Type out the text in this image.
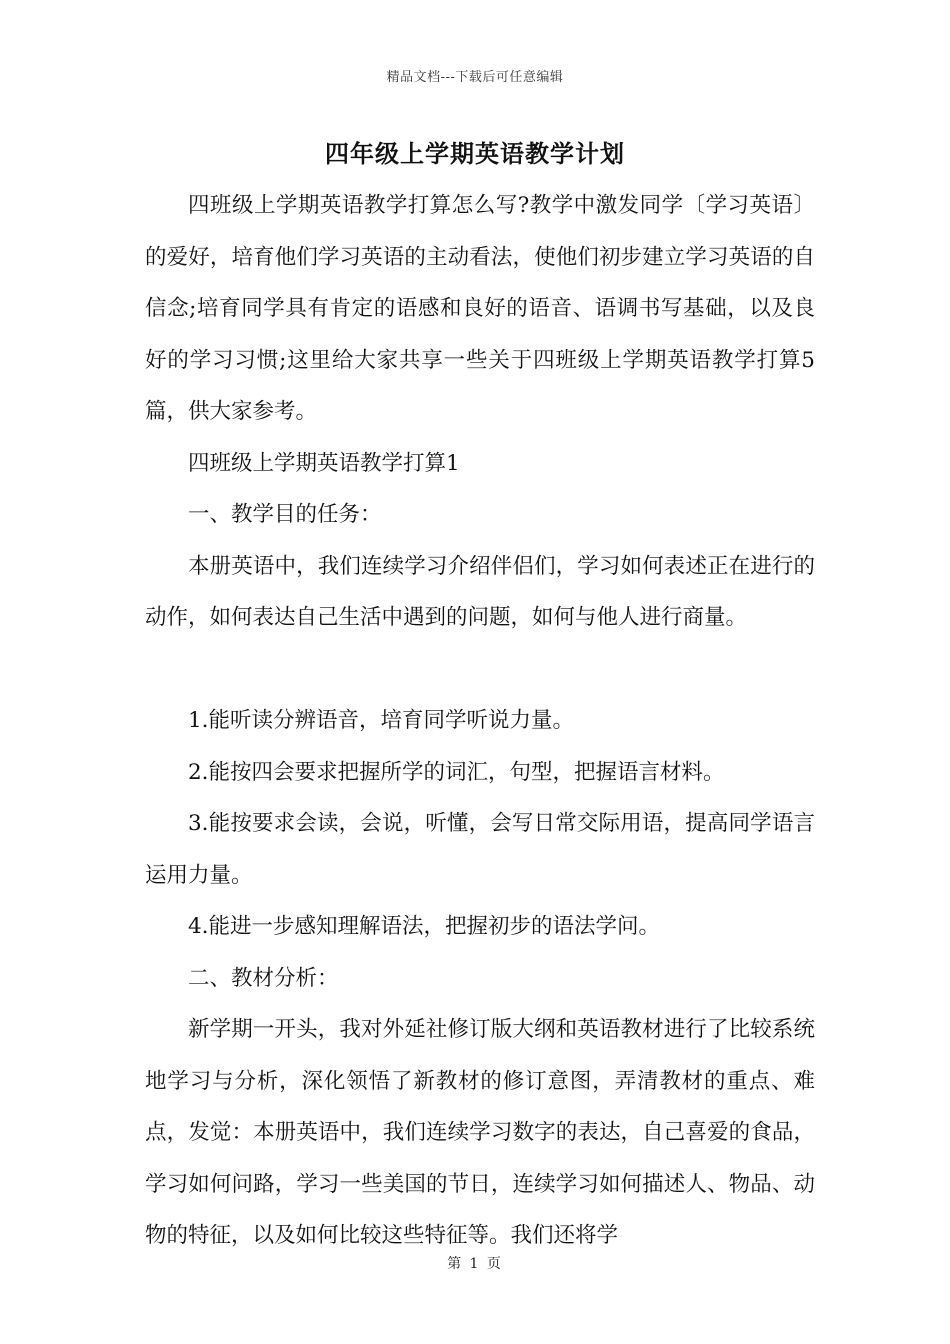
精品文档---下载后可任意编辑
四年级上学期英语教学计划

四班级上学期英语教学打算怎么写?教学中激发同学〔学习英语〕的爱好，培育他们学习英语的主动看法，使他们初步建立学习英语的自信念;培育同学具有肯定的语感和良好的语音、语调书写基础，以及良好的学习习惯;这里给大家共享一些关于四班级上学期英语教学打算5篇，供大家参考。

四班级上学期英语教学打算1

一、教学目的任务：

本册英语中，我们连续学习介绍伴侣们，学习如何表述正在进行的动作，如何表达自己生活中遇到的问题，如何与他人进行商量。

1.能听读分辨语音，培育同学听说力量。

2.能按四会要求把握所学的词汇，句型，把握语言材料。

3.能按要求会读，会说，听懂，会写日常交际用语，提高同学语言运用力量。

4.能进一步感知理解语法，把握初步的语法学问。

二、教材分析：

新学期一开头，我对外延社修订版大纲和英语教材进行了比较系统地学习与分析，深化领悟了新教材的修订意图，弄清教材的重点、难点，发觉：本册英语中，我们连续学习数字的表达，自己喜爱的食品，学习如何问路，学习一些美国的节日，连续学习如何描述人、物品、动物的特征，以及如何比较这些特征等。我们还将学

第 1 页
